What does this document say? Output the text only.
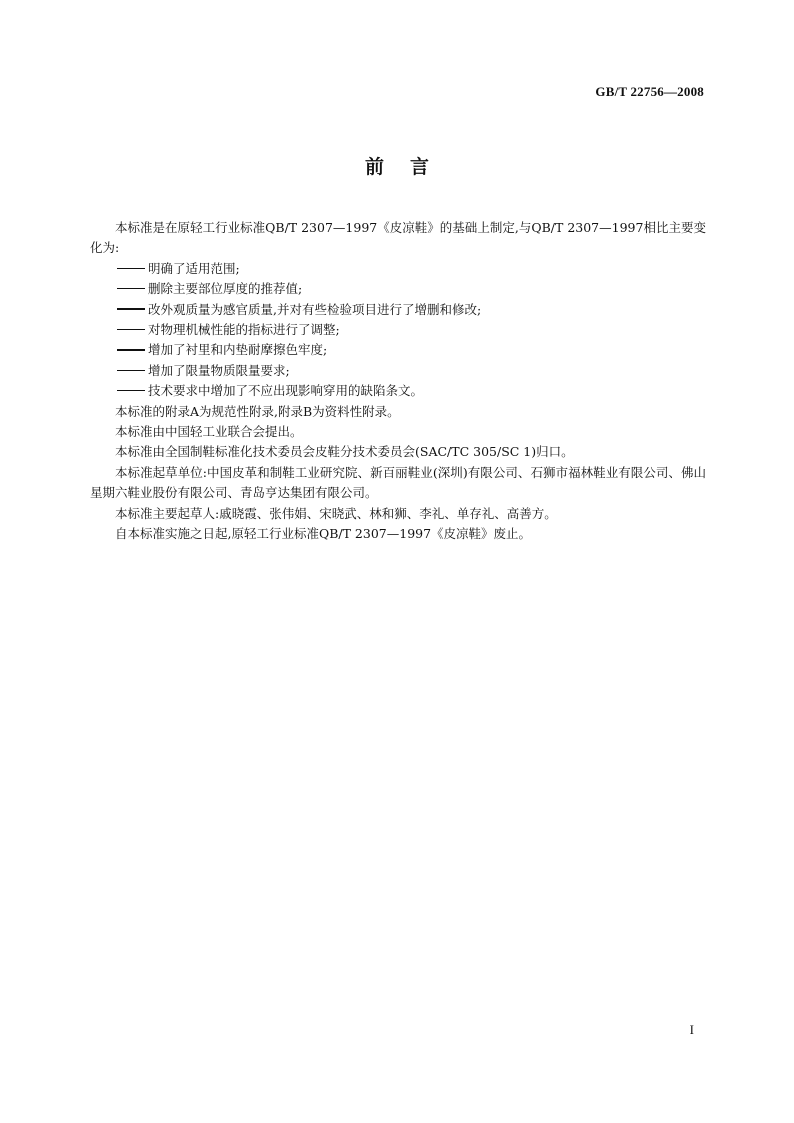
GB/T 22756—2008
前言

本标准是在原轻工行业标准QB/T 2307—1997《皮凉鞋》的基础上制定,与QB/T 2307—1997相比主要变化为:

明确了适用范围;

删除主要部位厚度的推荐值;

改外观质量为感官质量,并对有些检验项目进行了增删和修改;

对物理机械性能的指标进行了调整;

增加了衬里和内垫耐摩擦色牢度;

增加了限量物质限量要求;

技术要求中增加了不应出现影响穿用的缺陷条文。

本标准的附录A为规范性附录,附录B为资料性附录。

本标准由中国轻工业联合会提出。

本标准由全国制鞋标准化技术委员会皮鞋分技术委员会(SAC/TC 305/SC 1)归口。

本标准起草单位:中国皮革和制鞋工业研究院、新百丽鞋业(深圳)有限公司、石狮市福林鞋业有限公司、佛山星期六鞋业股份有限公司、青岛亨达集团有限公司。

本标准主要起草人:戚晓霞、张伟娟、宋晓武、林和狮、李礼、单存礼、高善方。

自本标准实施之日起,原轻工行业标准QB/T 2307—1997《皮凉鞋》废止。

I
